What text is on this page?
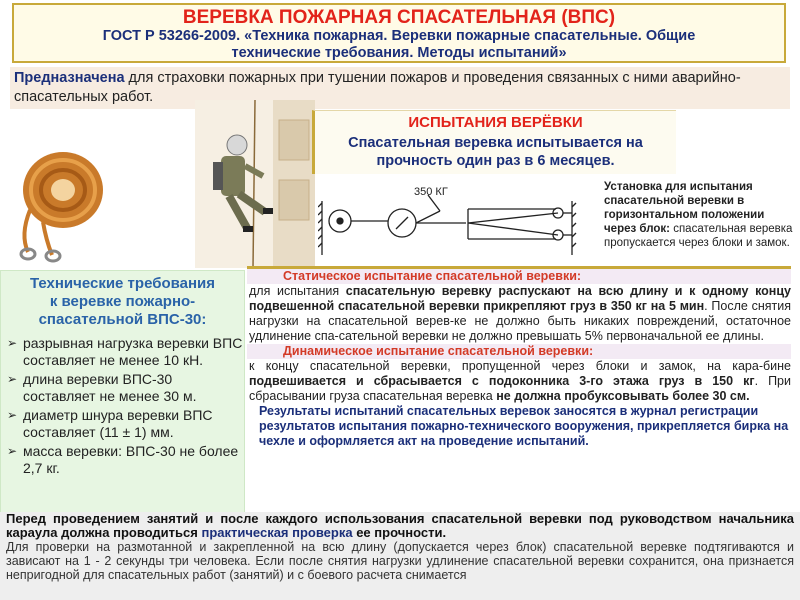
ВЕРЕВКА ПОЖАРНАЯ СПАСАТЕЛЬНАЯ (ВПС)
ГОСТ Р 53266-2009. «Техника пожарная. Веревки пожарные спасательные. Общие
технические требования. Методы испытаний»
Предназначена для страховки пожарных при тушении пожаров и проведения связанных с ними аварийно-спасательных работ.
ИСПЫТАНИЯ ВЕРЁВКИ
Спасательная веревка испытывается на прочность один раз в 6 месяцев.
350 КГ	Установка для испытания спасательной веревки в горизонтальном положении через блок: спасательная веревка пропускается через блоки и замок.
Технические требования
к веревке пожарно-
спасательной ВПС-30:
➢ разрывная нагрузка веревки ВПС составляет не менее 10 кН.
➢ длина веревки ВПС-30 составляет не менее 30 м.
➢ диаметр шнура веревки ВПС составляет (11 ± 1) мм.
➢ масса веревки: ВПС-30 не более 2,7 кг.
Статическое испытание спасательной веревки:
для испытания спасательную веревку распускают на всю длину и к одному концу подвешенной спасательной веревки прикрепляют груз в 350 кг на 5 мин. После снятия нагрузки на спасательной верев-ке не должно быть никаких повреждений, остаточное удлинение спа-сательной веревки не должно превышать 5% первоначальной ее длины.
Динамическое испытание спасательной веревки:
к концу спасательной веревки, пропущенной через блоки и замок, на кара-бине подвешивается и сбрасывается с подоконника 3-го этажа груз в 150 кг. При сбрасывании груза спасательная веревка не должна пробуксовывать более 30 см.
Результаты испытаний спасательных веревок заносятся в журнал регистрации результатов испытания пожарно-технического вооружения, прикрепляется бирка на чехле и оформляется акт на проведение испытаний.
Перед проведением занятий и после каждого использования спасательной веревки под руководством начальника караула должна проводиться практическая проверка ее прочности.
Для проверки на размотанной и закрепленной на всю длину (допускается через блок) спасательной веревке подтягиваются и зависают на 1 - 2 секунды три человека. Если после снятия нагрузки удлинение спасательной веревки сохранится, она признается непригодной для спасательных работ (занятий) и с боевого расчета снимается
